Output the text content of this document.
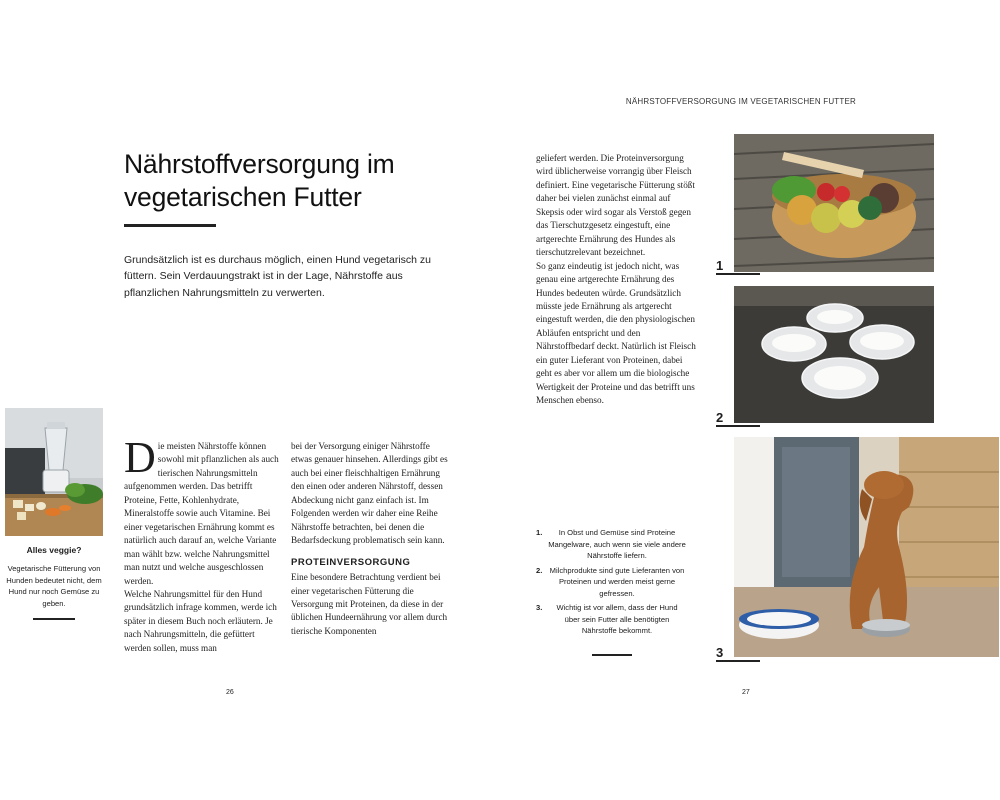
NÄHRSTOFFVERSORGUNG IM VEGETARISCHEN FUTTER
Nährstoffversorgung im
vegetarischen Futter
Grundsätzlich ist es durchaus möglich, einen Hund vegetarisch zu füttern. Sein Verdauungstrakt ist in der Lage, Nährstoffe aus pflanzlichen Nahrungsmitteln zu verwerten.
Alles veggie?
Vegetarische Fütterung von Hunden bedeutet nicht, dem Hund nur noch Gemüse zu geben.
Die meisten Nährstoffe können sowohl mit pflanzlichen als auch tierischen Nahrungsmitteln aufgenommen werden. Das betrifft Proteine, Fette, Kohlenhydrate, Mineralstoffe sowie auch Vitamine. Bei einer vegetarischen Ernährung kommt es natürlich auch darauf an, welche Variante man wählt bzw. welche Nahrungsmittel man nutzt und welche ausgeschlossen werden.
Welche Nahrungsmittel für den Hund grundsätzlich infrage kommen, werde ich später in diesem Buch noch erläutern. Je nach Nahrungsmitteln, die gefüttert werden sollen, muss man
bei der Versorgung einiger Nährstoffe etwas genauer hinsehen. Allerdings gibt es auch bei einer fleischhaltigen Ernährung den einen oder anderen Nährstoff, dessen Abdeckung nicht ganz einfach ist. Im Folgenden werden wir daher eine Reihe Nährstoffe betrachten, bei denen die Bedarfsdeckung problematisch sein kann.
PROTEINVERSORGUNG
Eine besondere Betrachtung verdient bei einer vegetarischen Fütterung die Versorgung mit Proteinen, da diese in der üblichen Hundeernährung vor allem durch tierische Komponenten
geliefert werden. Die Proteinversorgung wird üblicherweise vorrangig über Fleisch definiert. Eine vegetarische Fütterung stößt daher bei vielen zunächst einmal auf Skepsis oder wird sogar als Verstoß gegen das Tierschutzgesetz eingestuft, eine artgerechte Ernährung des Hundes als tierschutzrelevant bezeichnet.
So ganz eindeutig ist jedoch nicht, was genau eine artgerechte Ernährung des Hundes bedeuten würde. Grundsätzlich müsste jede Ernährung als artgerecht eingestuft werden, die den physiologischen Abläufen entspricht und den Nährstoffbedarf deckt. Natürlich ist Fleisch ein guter Lieferant von Proteinen, dabei geht es aber vor allem um die biologische Wertigkeit der Proteine und das betrifft uns Menschen ebenso.
1.	In Obst und Gemüse sind Proteine Mangelware, auch wenn sie viele andere Nährstoffe liefern.
2. Milchprodukte sind gute Lieferanten von Proteinen und werden meist gerne gefressen.
3.	Wichtig ist vor allem, dass der Hund über sein Futter alle benötigten Nährstoffe bekommt.
1
2
3
26	27
